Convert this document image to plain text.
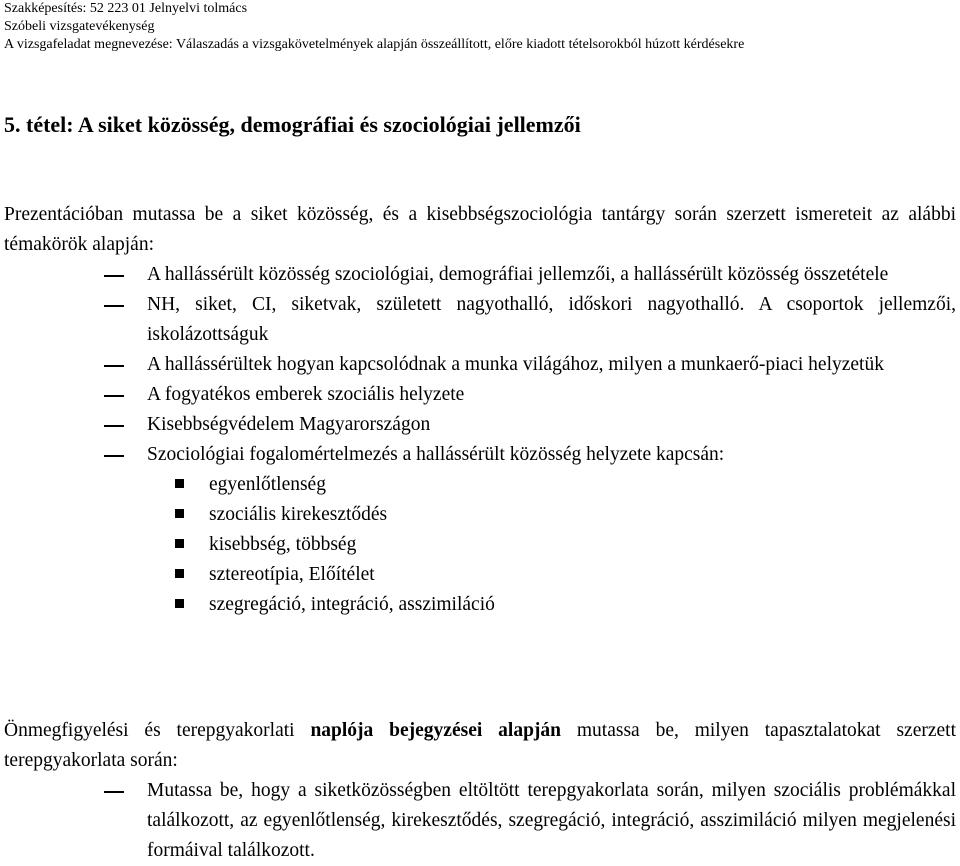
Szakképesítés: 52 223 01 Jelnyelvi tolmács
Szóbeli vizsgatevékenység
A vizsgafeladat megnevezése: Válaszadás a vizsgakövetelmények alapján összeállított, előre kiadott tételsorokból húzott kérdésekre
5. tétel: A siket közösség, demográfiai és szociológiai jellemzői
Prezentációban mutassa be a siket közösség, és a kisebbségszociológia tantárgy során szerzett ismereteit az alábbi témakörök alapján:
A hallássérült közösség szociológiai, demográfiai jellemzői, a hallássérült közösség összetétele
NH, siket, CI, siketvak, született nagyothalló, időskori nagyothalló. A csoportok jellemzői, iskolázottságuk
A hallássérültek hogyan kapcsolódnak a munka világához, milyen a munkaerő-piaci helyzetük
A fogyatékos emberek szociális helyzete
Kisebbségvédelem Magyarországon
Szociológiai fogalomértelmezés a hallássérült közösség helyzete kapcsán:
egyenlőtlenség
szociális kirekesztődés
kisebbség, többség
sztereotípia, Előítélet
szegregáció, integráció, asszimiláció
Önmegfigyelési és terepgyakorlati naplója bejegyzései alapján mutassa be, milyen tapasztalatokat szerzett terepgyakorlata során:
Mutassa be, hogy a siketközösségben eltöltött terepgyakorlata során, milyen szociális problémákkal találkozott, az egyenlőtlenség, kirekesztődés, szegregáció, integráció, asszimiláció milyen megjelenési formáival találkozott.
